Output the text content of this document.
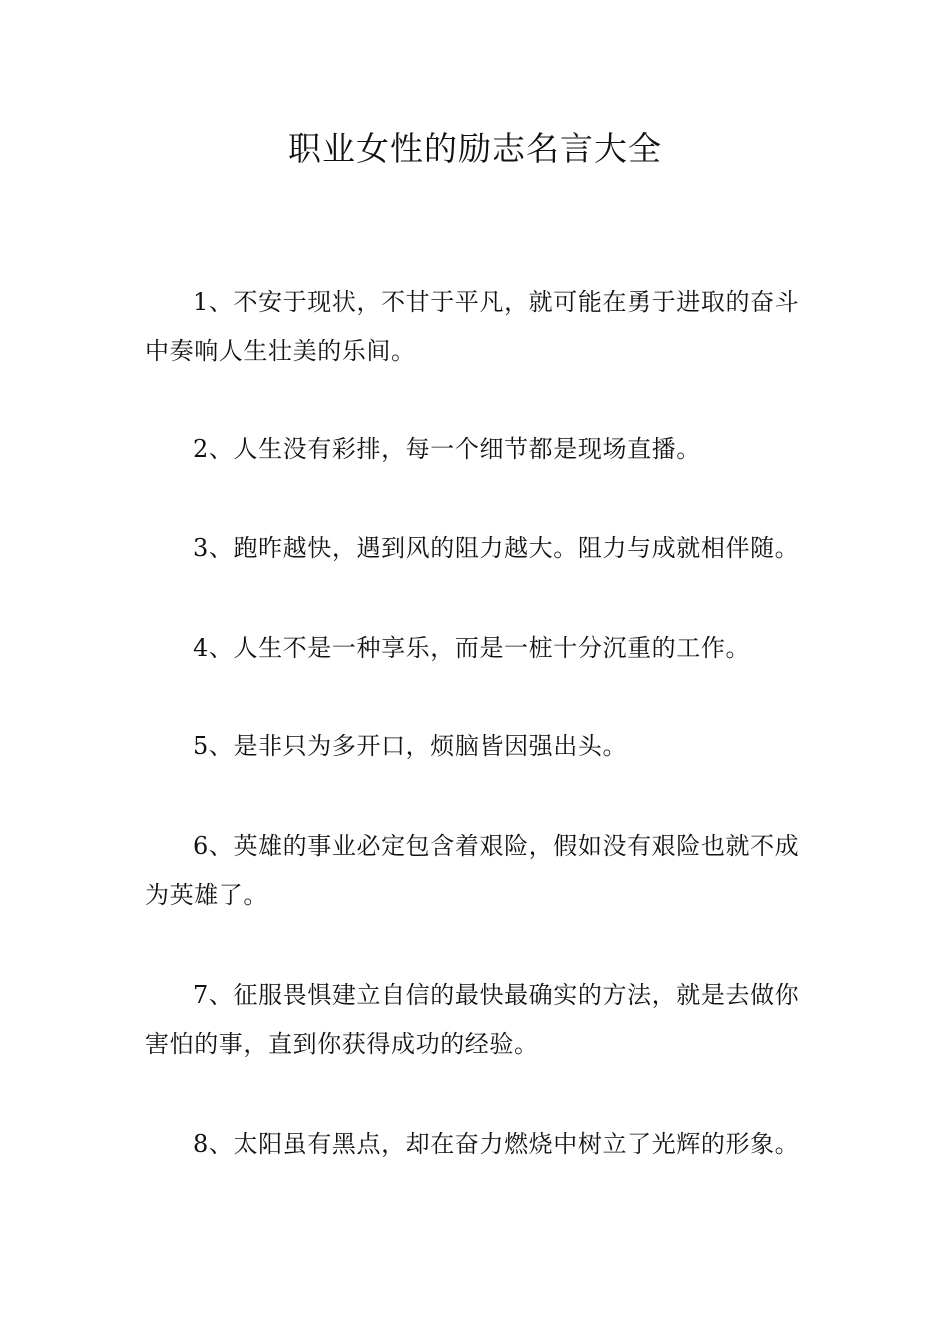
职业女性的励志名言大全

1、不安于现状，不甘于平凡，就可能在勇于进取的奋斗中奏响人生壮美的乐间。

2、人生没有彩排，每一个细节都是现场直播。

3、跑昨越快，遇到风的阻力越大。阻力与成就相伴随。

4、人生不是一种享乐，而是一桩十分沉重的工作。

5、是非只为多开口，烦脑皆因强出头。

6、英雄的事业必定包含着艰险，假如没有艰险也就不成为英雄了。

7、征服畏惧建立自信的最快最确实的方法，就是去做你害怕的事，直到你获得成功的经验。

8、太阳虽有黑点，却在奋力燃烧中树立了光辉的形象。
